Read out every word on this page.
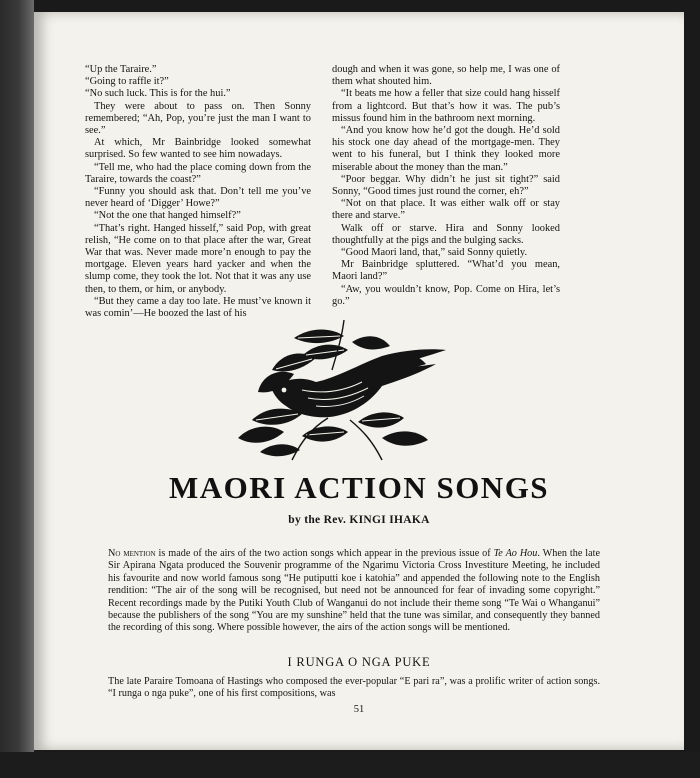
“Up the Taraire.”

“Going to raffle it?”

“No such luck. This is for the hui.”

They were about to pass on. Then Sonny remembered; “Ah, Pop, you’re just the man I want to see.”

At which, Mr Bainbridge looked somewhat surprised. So few wanted to see him nowadays.

“Tell me, who had the place coming down from the Taraire, towards the coast?”

“Funny you should ask that. Don’t tell me you’ve never heard of ‘Digger’ Howe?”

“Not the one that hanged himself?”

“That’s right. Hanged hisself,” said Pop, with great relish, “He come on to that place after the war, Great War that was. Never made more’n enough to pay the mortgage. Eleven years hard yacker and when the slump come, they took the lot. Not that it was any use then, to them, or him, or anybody.

“But they came a day too late. He must’ve known it was comin’—He boozed the last of his

dough and when it was gone, so help me, I was one of them what shouted him.

“It beats me how a feller that size could hang hisself from a lightcord. But that’s how it was. The pub’s missus found him in the bathroom next morning.

“And you know how he’d got the dough. He’d sold his stock one day ahead of the mortgage-men. They went to his funeral, but I think they looked more miserable about the money than the man.”

“Poor beggar. Why didn’t he just sit tight?” said Sonny, “Good times just round the corner, eh?”

“Not on that place. It was either walk off or stay there and starve.”

Walk off or starve. Hira and Sonny looked thoughtfully at the pigs and the bulging sacks.

“Good Maori land, that,” said Sonny quietly.

Mr Bainbridge spluttered. “What’d you mean, Maori land?”

“Aw, you wouldn’t know, Pop. Come on Hira, let’s go.”

MAORI ACTION SONGS
by the Rev. KINGI IHAKA
No mention is made of the airs of the two action songs which appear in the previous issue of Te Ao Hou. When the late Sir Apirana Ngata produced the Souvenir programme of the Ngarimu Victoria Cross Investiture Meeting, he included his favourite and now world famous song “He putiputti koe i katohia” and appended the following note to the English rendition: “The air of the song will be recognised, but need not be announced for fear of invading some copyright.” Recent recordings made by the Putiki Youth Club of Wanganui do not include their theme song “Te Wai o Whanganui” because the publishers of the song “You are my sunshine” held that the tune was similar, and consequently they banned the recording of this song. Where possible however, the airs of the action songs will be mentioned.
I RUNGA O NGA PUKE
The late Paraire Tomoana of Hastings who composed the ever-popular “E pari ra”, was a prolific writer of action songs. “I runga o nga puke”, one of his first compositions, was
51
